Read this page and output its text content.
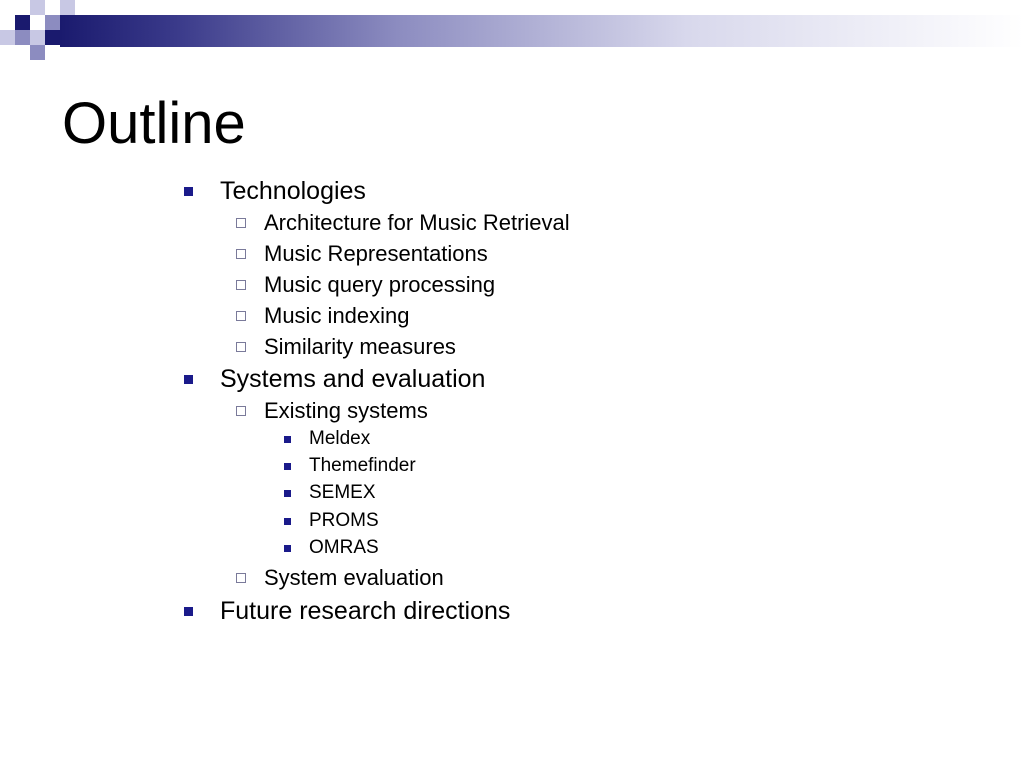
Outline
Technologies
Architecture for Music Retrieval
Music Representations
Music query processing
Music indexing
Similarity measures
Systems and evaluation
Existing systems
Meldex
Themefinder
SEMEX
PROMS
OMRAS
System evaluation
Future research directions
